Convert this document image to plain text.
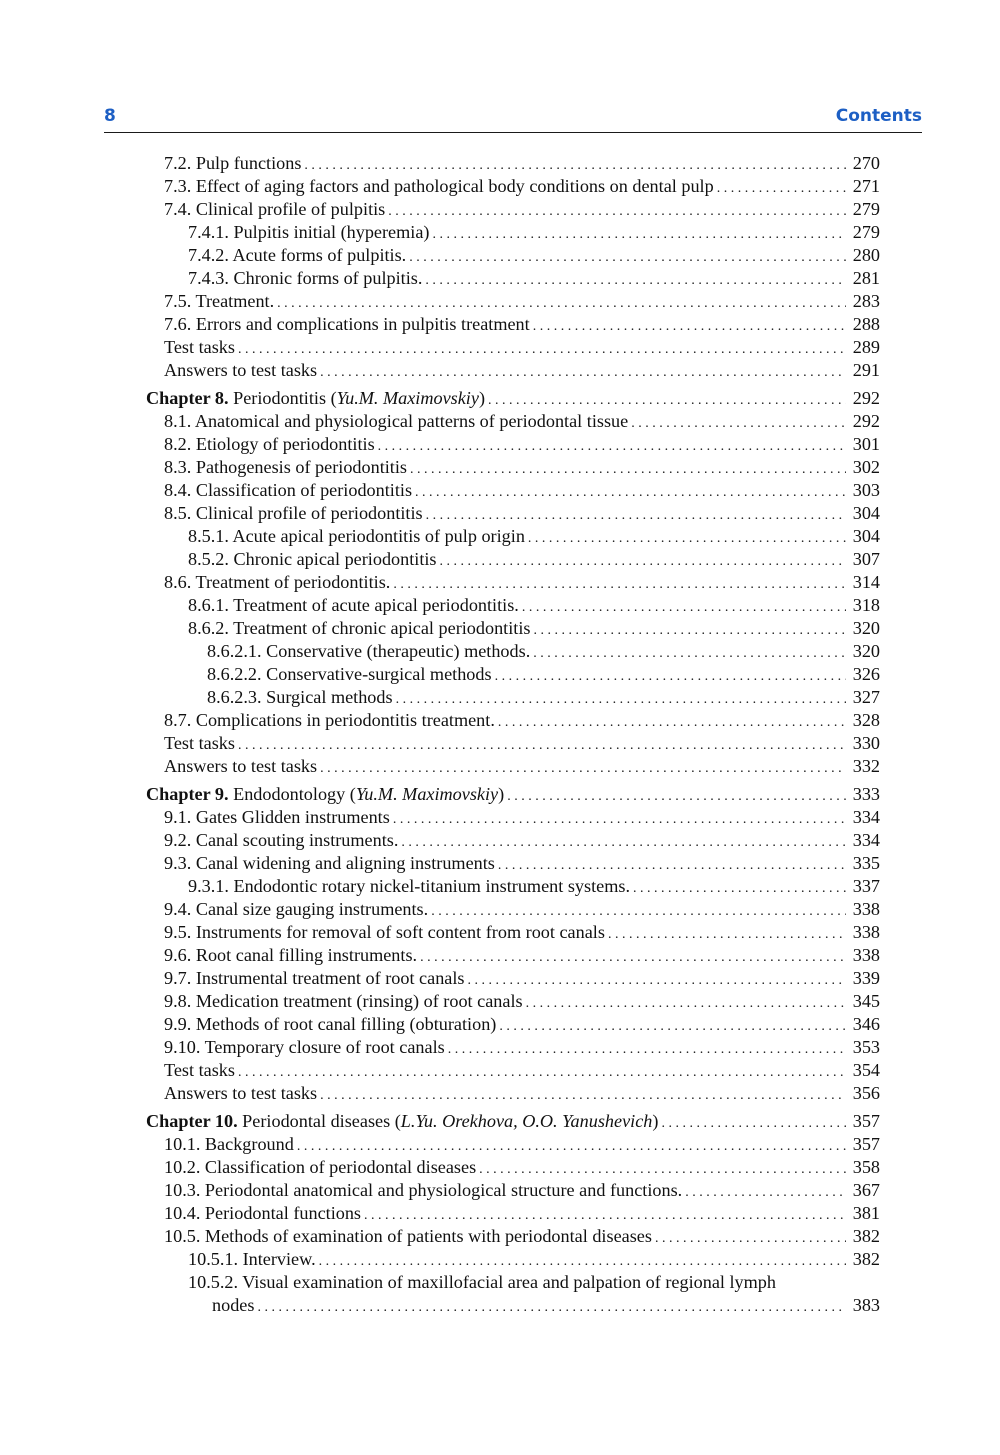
8	Contents
7.2. Pulp functions . . .	270
7.3. Effect of aging factors and pathological body conditions on dental pulp . . .	271
7.4. Clinical profile of pulpitis . . .	279
7.4.1. Pulpitis initial (hyperemia) . . .	279
7.4.2. Acute forms of pulpitis. . . .	280
7.4.3. Chronic forms of pulpitis. . . .	281
7.5. Treatment. . . .	283
7.6. Errors and complications in pulpitis treatment . . .	288
Test tasks . . .	289
Answers to test tasks . . .	291
Chapter 8. Periodontitis (Yu.M. Maximovskiy) . . .	292
8.1. Anatomical and physiological patterns of periodontal tissue . . .	292
8.2. Etiology of periodontitis . . .	301
8.3. Pathogenesis of periodontitis . . .	302
8.4. Classification of periodontitis . . .	303
8.5. Clinical profile of periodontitis . . .	304
8.5.1. Acute apical periodontitis of pulp origin . . .	304
8.5.2. Chronic apical periodontitis . . .	307
8.6. Treatment of periodontitis. . . .	314
8.6.1. Treatment of acute apical periodontitis. . . .	318
8.6.2. Treatment of chronic apical periodontitis . . .	320
8.6.2.1. Conservative (therapeutic) methods. . . .	320
8.6.2.2. Conservative-surgical methods . . .	326
8.6.2.3. Surgical methods . . .	327
8.7. Complications in periodontitis treatment. . . .	328
Test tasks . . .	330
Answers to test tasks . . .	332
Chapter 9. Endodontology (Yu.M. Maximovskiy) . . .	333
9.1. Gates Glidden instruments . . .	334
9.2. Canal scouting instruments. . . .	334
9.3. Canal widening and aligning instruments . . .	335
9.3.1. Endodontic rotary nickel-titanium instrument systems. . . .	337
9.4. Canal size gauging instruments. . . .	338
9.5. Instruments for removal of soft content from root canals . . .	338
9.6. Root canal filling instruments. . . .	338
9.7. Instrumental treatment of root canals . . .	339
9.8. Medication treatment (rinsing) of root canals . . .	345
9.9. Methods of root canal filling (obturation) . . .	346
9.10. Temporary closure of root canals . . .	353
Test tasks . . .	354
Answers to test tasks . . .	356
Chapter 10. Periodontal diseases (L.Yu. Orekhova, O.O. Yanushevich) . . .	357
10.1. Background . . .	357
10.2. Classification of periodontal diseases . . .	358
10.3. Periodontal anatomical and physiological structure and functions. . . .	367
10.4. Periodontal functions . . .	381
10.5. Methods of examination of patients with periodontal diseases . . .	382
10.5.1. Interview. . . .	382
10.5.2. Visual examination of maxillofacial area and palpation of regional lymph
nodes . . .	383
